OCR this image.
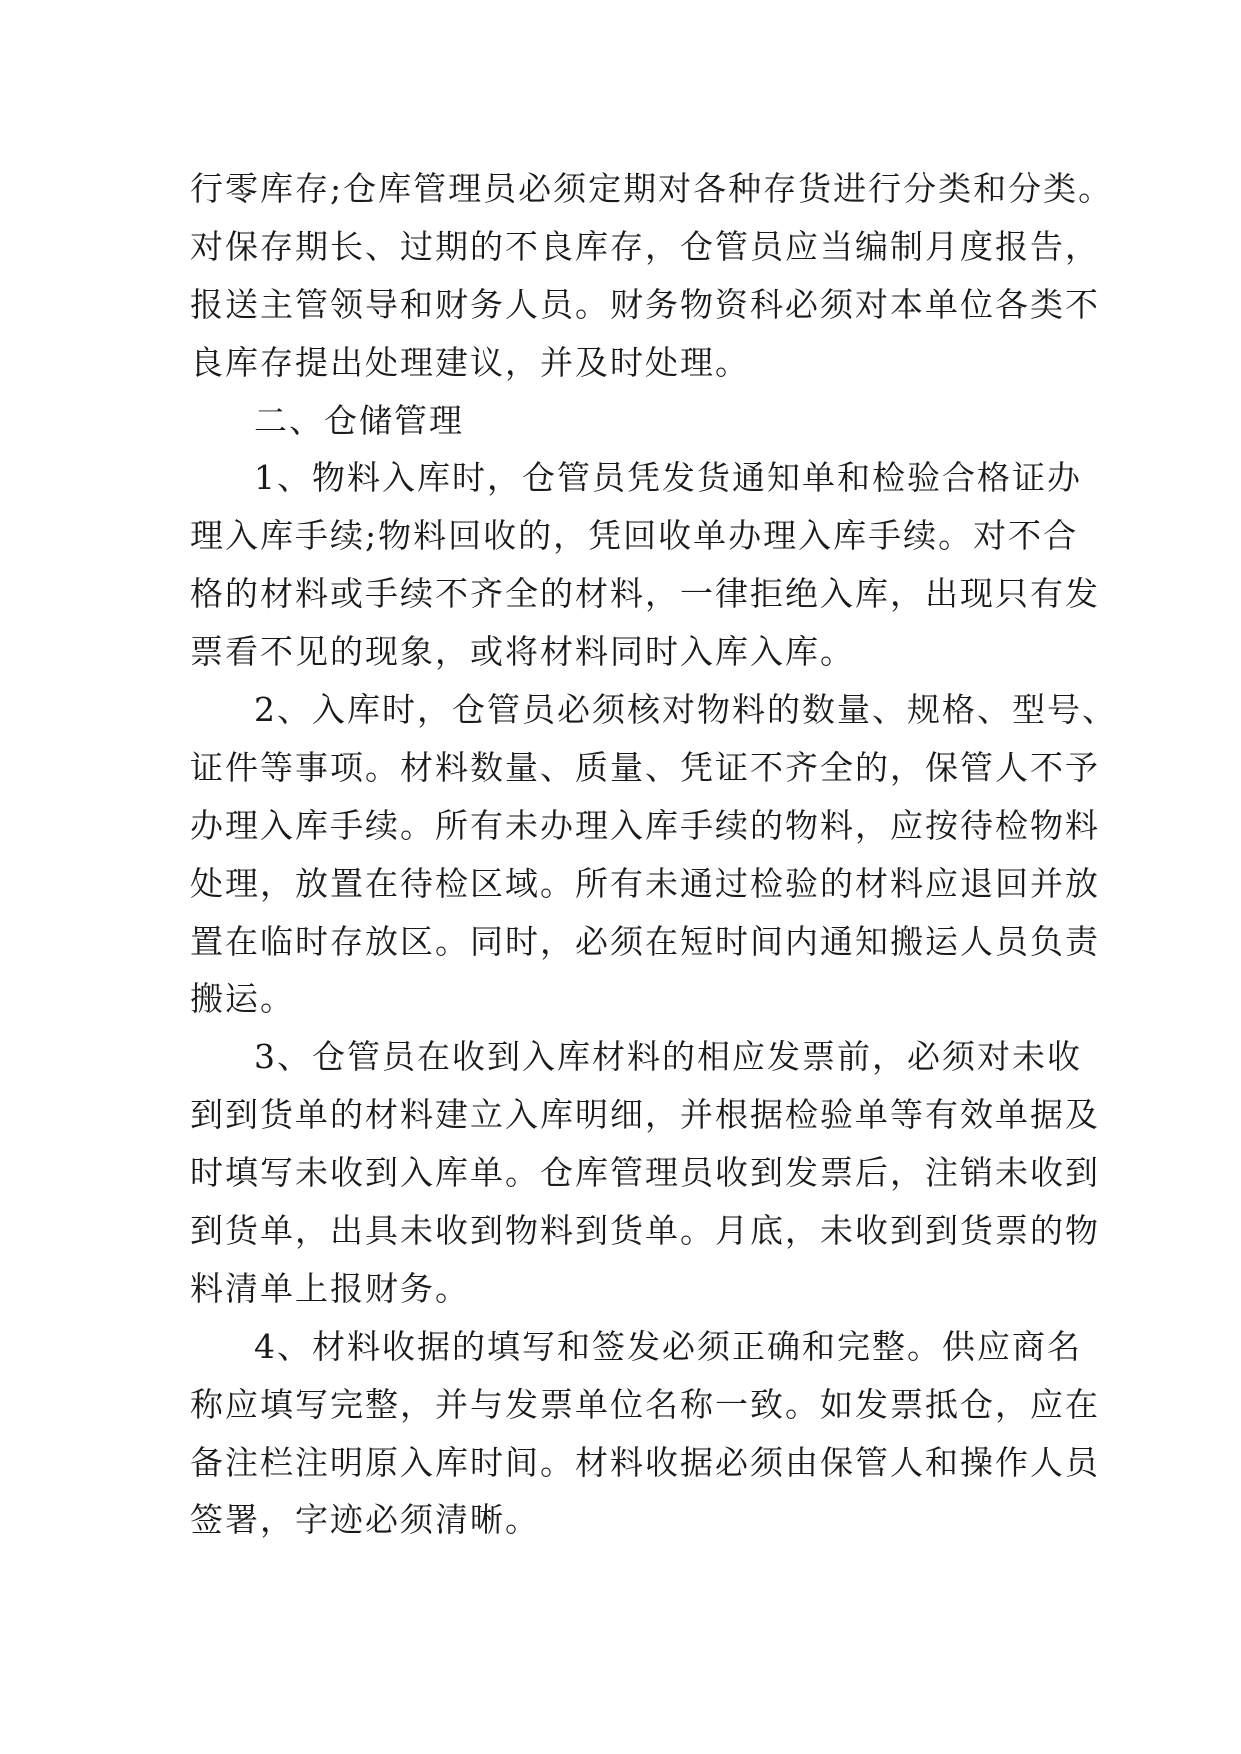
行零库存;仓库管理员必须定期对各种存货进行分类和分类。
对保存期长、过期的不良库存，仓管员应当编制月度报告，
报送主管领导和财务人员。财务物资科必须对本单位各类不
良库存提出处理建议，并及时处理。
二、仓储管理
1、物料入库时，仓管员凭发货通知单和检验合格证办
理入库手续;物料回收的，凭回收单办理入库手续。对不合
格的材料或手续不齐全的材料，一律拒绝入库，出现只有发
票看不见的现象，或将材料同时入库入库。
2、入库时，仓管员必须核对物料的数量、规格、型号、
证件等事项。材料数量、质量、凭证不齐全的，保管人不予
办理入库手续。所有未办理入库手续的物料，应按待检物料
处理，放置在待检区域。所有未通过检验的材料应退回并放
置在临时存放区。同时，必须在短时间内通知搬运人员负责
搬运。
3、仓管员在收到入库材料的相应发票前，必须对未收
到到货单的材料建立入库明细，并根据检验单等有效单据及
时填写未收到入库单。仓库管理员收到发票后，注销未收到
到货单，出具未收到物料到货单。月底，未收到到货票的物
料清单上报财务。
4、材料收据的填写和签发必须正确和完整。供应商名
称应填写完整，并与发票单位名称一致。如发票抵仓，应在
备注栏注明原入库时间。材料收据必须由保管人和操作人员
签署，字迹必须清晰。
